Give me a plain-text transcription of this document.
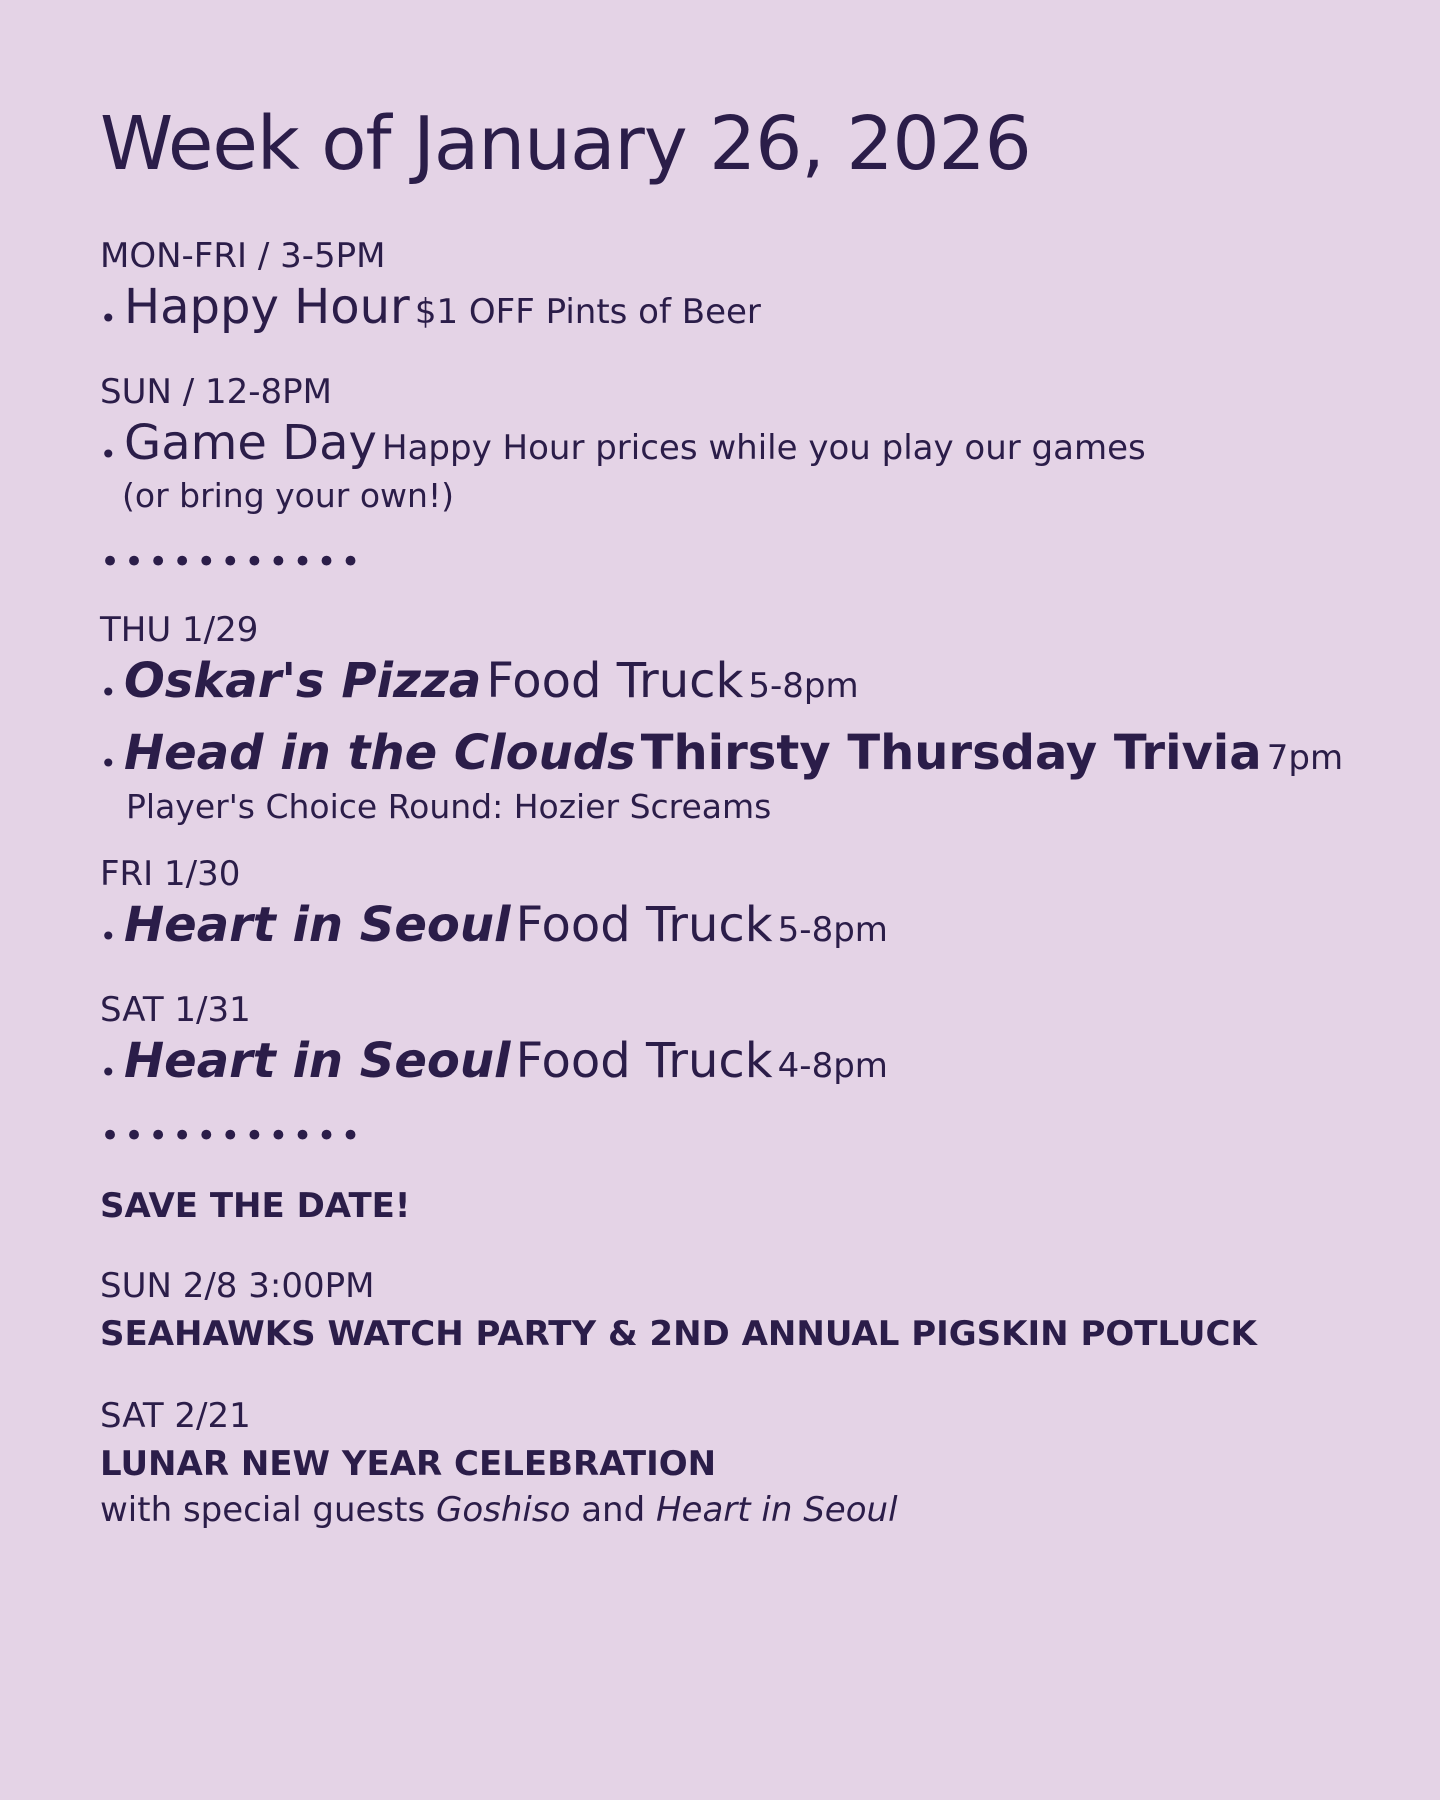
Week of January 26, 2026
MON-FRI / 3-5PM
• Happy Hour $1 OFF Pints of Beer
SUN / 12-8PM
• Game Day Happy Hour prices while you play our games
(or bring your own!)
•••••••••••
THU 1/29
• Oskar's Pizza Food Truck 5-8pm
• Head in the Clouds Thirsty Thursday Trivia 7pm
Player's Choice Round: Hozier Screams
FRI 1/30
• Heart in Seoul Food Truck 5-8pm
SAT 1/31
• Heart in Seoul Food Truck 4-8pm
•••••••••••
SAVE THE DATE!
SUN 2/8 3:00PM
SEAHAWKS WATCH PARTY & 2ND ANNUAL PIGSKIN POTLUCK
SAT 2/21
LUNAR NEW YEAR CELEBRATION
with special guests Goshiso and Heart in Seoul
